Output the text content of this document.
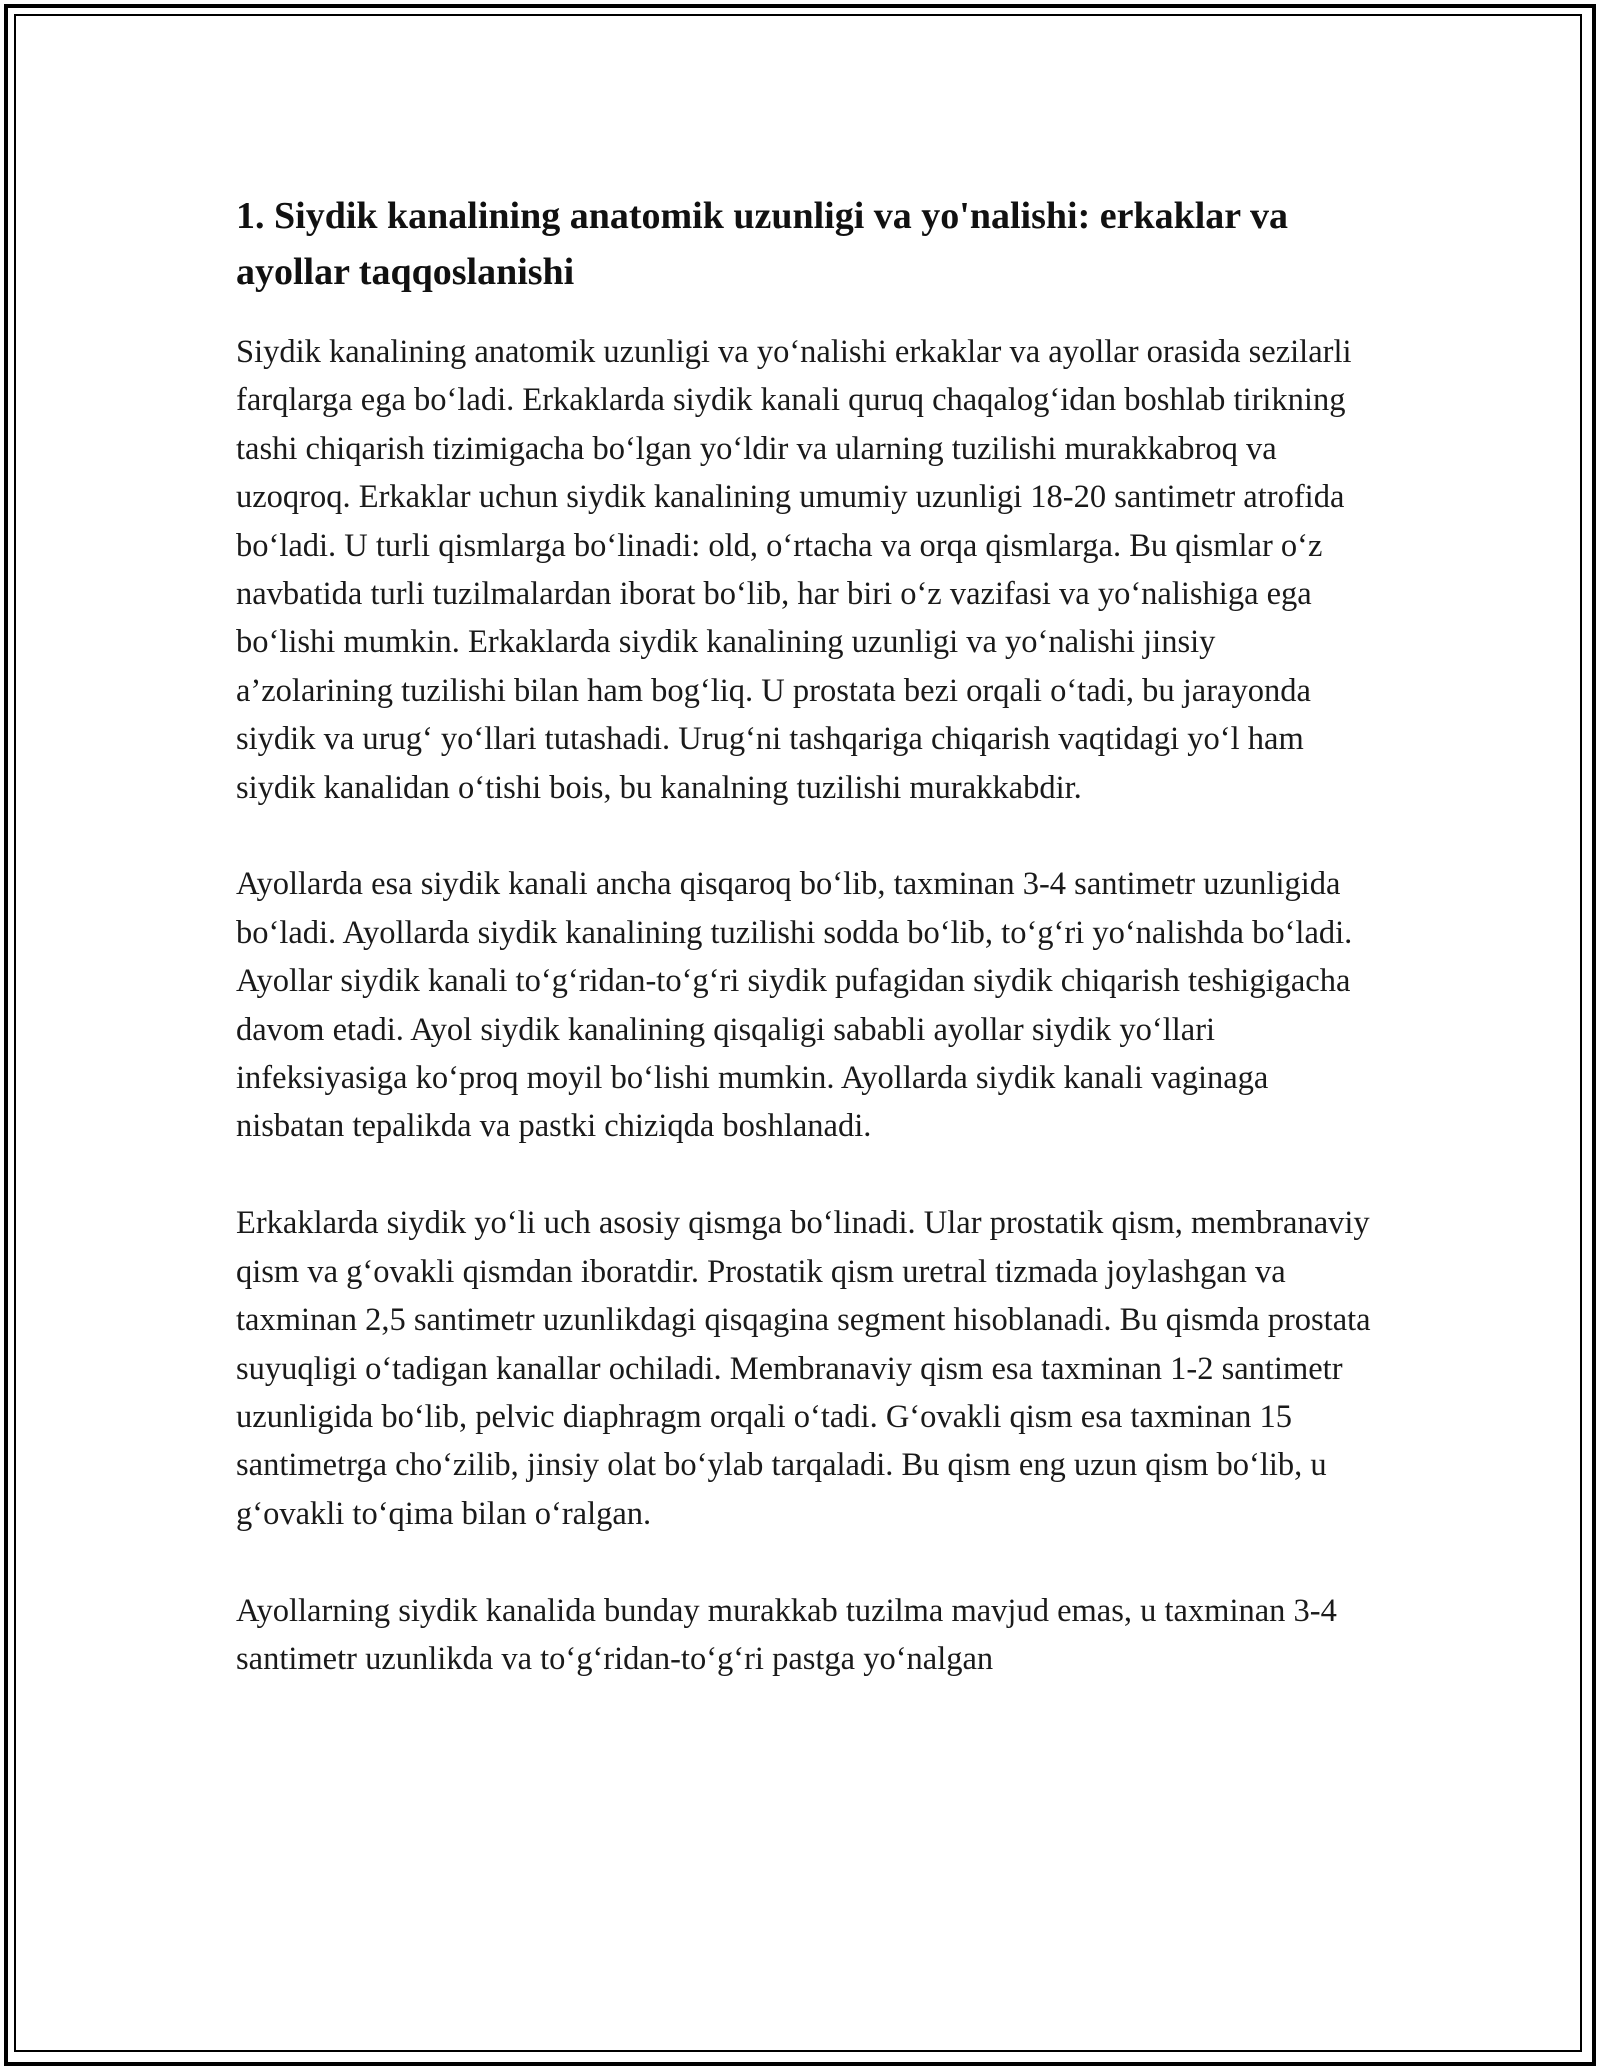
1. Siydik kanalining anatomik uzunligi va yo'nalishi: erkaklar va ayollar taqqoslanishi

Siydik kanalining anatomik uzunligi va yoʻnalishi erkaklar va ayollar orasida sezilarli farqlarga ega boʻladi. Erkaklarda siydik kanali quruq chaqalogʻidan boshlab tirikning tashi chiqarish tizimigacha boʻlgan yoʻldir va ularning tuzilishi murakkabroq va uzoqroq. Erkaklar uchun siydik kanalining umumiy uzunligi 18-20 santimetr atrofida boʻladi. U turli qismlarga boʻlinadi: old, oʻrtacha va orqa qismlarga. Bu qismlar oʻz navbatida turli tuzilmalardan iborat boʻlib, har biri oʻz vazifasi va yoʻnalishiga ega boʻlishi mumkin. Erkaklarda siydik kanalining uzunligi va yoʻnalishi jinsiy a’zolarining tuzilishi bilan ham bogʻliq. U prostata bezi orqali oʻtadi, bu jarayonda siydik va urugʻ yoʻllari tutashadi. Urugʻni tashqariga chiqarish vaqtidagi yoʻl ham siydik kanalidan oʻtishi bois, bu kanalning tuzilishi murakkabdir.

Ayollarda esa siydik kanali ancha qisqaroq boʻlib, taxminan 3-4 santimetr uzunligida boʻladi. Ayollarda siydik kanalining tuzilishi sodda boʻlib, toʻgʻri yoʻnalishda boʻladi. Ayollar siydik kanali toʻgʻridan-toʻgʻri siydik pufagidan siydik chiqarish teshigigacha davom etadi. Ayol siydik kanalining qisqaligi sababli ayollar siydik yoʻllari infeksiyasiga koʻproq moyil boʻlishi mumkin. Ayollarda siydik kanali vaginaga nisbatan tepalikda va pastki chiziqda boshlanadi.

Erkaklarda siydik yoʻli uch asosiy qismga boʻlinadi. Ular prostatik qism, membranaviy qism va gʻovakli qismdan iboratdir. Prostatik qism uretral tizmada joylashgan va taxminan 2,5 santimetr uzunlikdagi qisqagina segment hisoblanadi. Bu qismda prostata suyuqligi oʻtadigan kanallar ochiladi. Membranaviy qism esa taxminan 1-2 santimetr uzunligida boʻlib, pelvic diaphragm orqali oʻtadi. Gʻovakli qism esa taxminan 15 santimetrga choʻzilib, jinsiy olat boʻylab tarqaladi. Bu qism eng uzun qism boʻlib, u gʻovakli toʻqima bilan oʻralgan.

Ayollarning siydik kanalida bunday murakkab tuzilma mavjud emas, u taxminan 3-4 santimetr uzunlikda va toʻgʻridan-toʻgʻri pastga yoʻnalgan
